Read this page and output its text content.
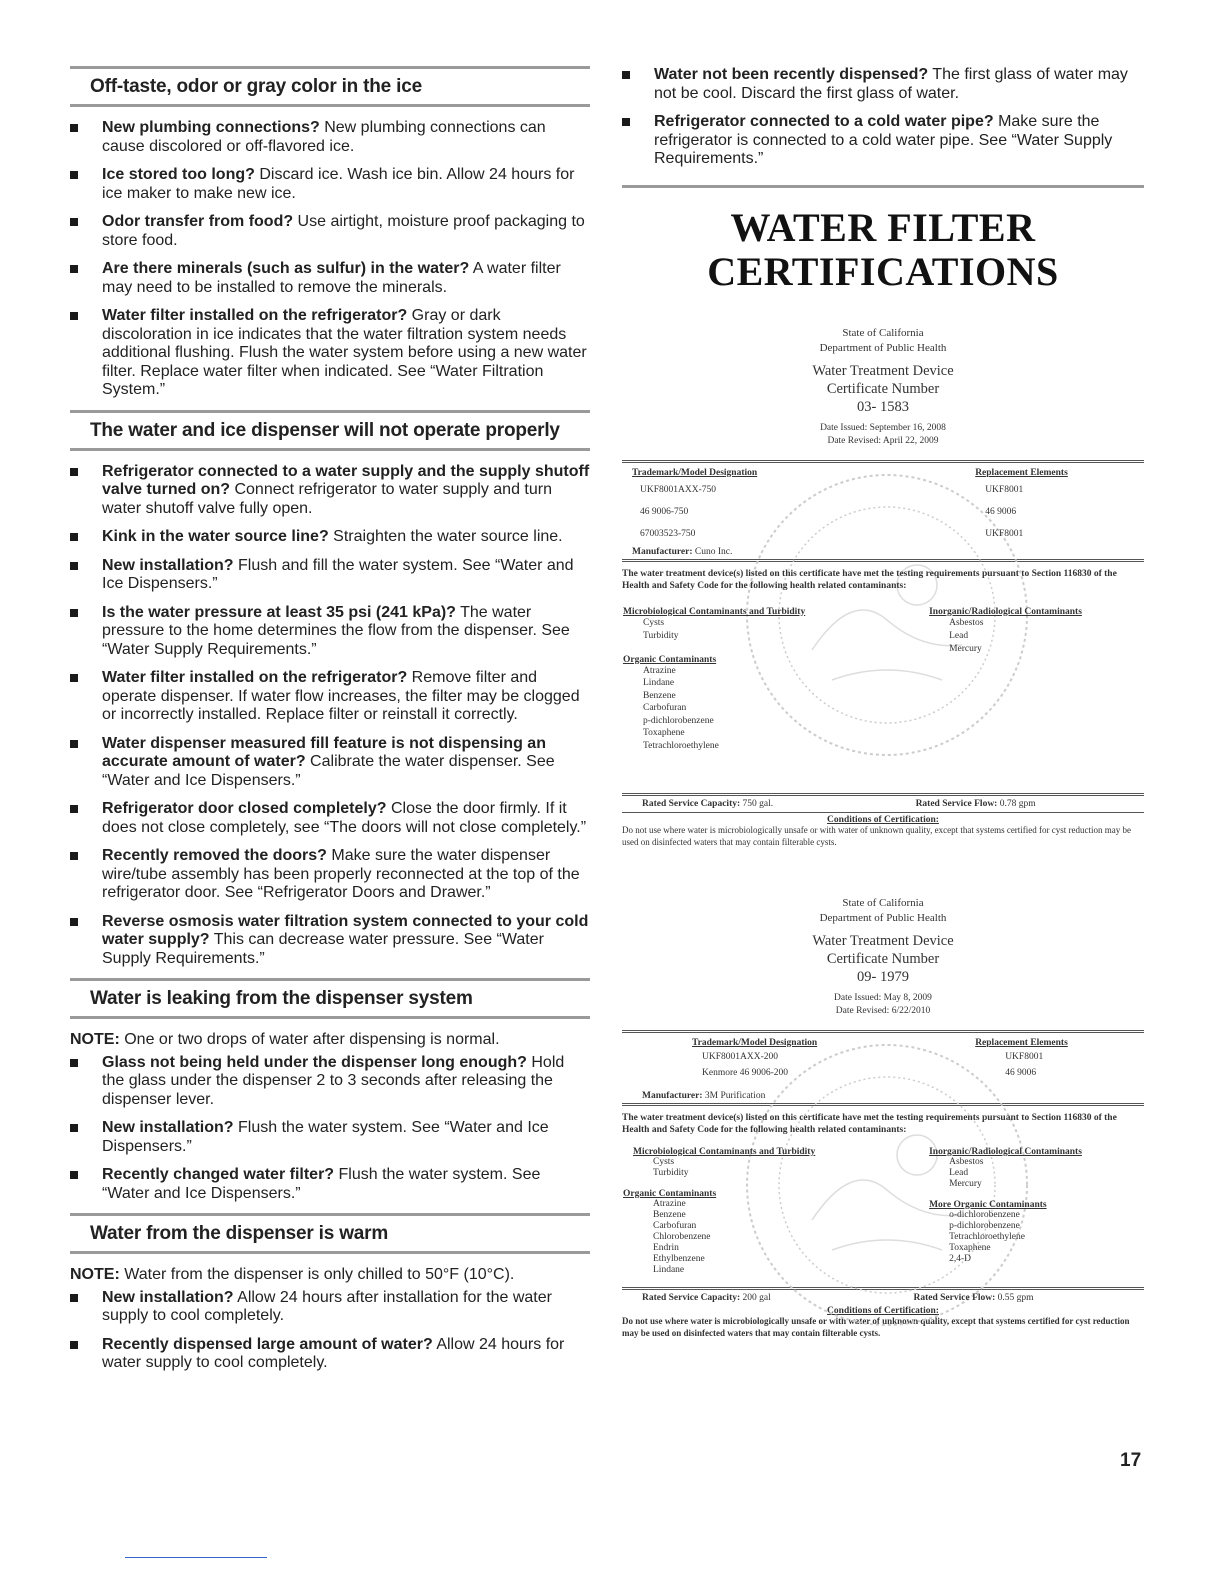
Off-taste, odor or gray color in the ice
New plumbing connections? New plumbing connections can cause discolored or off-flavored ice.
Ice stored too long? Discard ice. Wash ice bin. Allow 24 hours for ice maker to make new ice.
Odor transfer from food? Use airtight, moisture proof packaging to store food.
Are there minerals (such as sulfur) in the water? A water filter may need to be installed to remove the minerals.
Water filter installed on the refrigerator? Gray or dark discoloration in ice indicates that the water filtration system needs additional flushing. Flush the water system before using a new water filter. Replace water filter when indicated. See “Water Filtration System.”
The water and ice dispenser will not operate properly
Refrigerator connected to a water supply and the supply shutoff valve turned on? Connect refrigerator to water supply and turn water shutoff valve fully open.
Kink in the water source line? Straighten the water source line.
New installation? Flush and fill the water system. See “Water and Ice Dispensers.”
Is the water pressure at least 35 psi (241 kPa)? The water pressure to the home determines the flow from the dispenser. See “Water Supply Requirements.”
Water filter installed on the refrigerator? Remove filter and operate dispenser. If water flow increases, the filter may be clogged or incorrectly installed. Replace filter or reinstall it correctly.
Water dispenser measured fill feature is not dispensing an accurate amount of water? Calibrate the water dispenser. See “Water and Ice Dispensers.”
Refrigerator door closed completely? Close the door firmly. If it does not close completely, see “The doors will not close completely.”
Recently removed the doors? Make sure the water dispenser wire/tube assembly has been properly reconnected at the top of the refrigerator door. See “Refrigerator Doors and Drawer.”
Reverse osmosis water filtration system connected to your cold water supply? This can decrease water pressure. See “Water Supply Requirements.”
Water is leaking from the dispenser system

NOTE: One or two drops of water after dispensing is normal.

Glass not being held under the dispenser long enough? Hold the glass under the dispenser 2 to 3 seconds after releasing the dispenser lever.
New installation? Flush the water system. See “Water and Ice Dispensers.”
Recently changed water filter? Flush the water system. See “Water and Ice Dispensers.”
Water from the dispenser is warm

NOTE: Water from the dispenser is only chilled to 50°F (10°C).

New installation? Allow 24 hours after installation for the water supply to cool completely.
Recently dispensed large amount of water? Allow 24 hours for water supply to cool completely.
Water not been recently dispensed? The first glass of water may not be cool. Discard the first glass of water.
Refrigerator connected to a cold water pipe? Make sure the refrigerator is connected to a cold water pipe. See “Water Supply Requirements.”
WATER FILTER
CERTIFICATIONS
State of California
Department of Public Health
Water Treatment Device
Certificate Number
03- 1583
Date Issued: September 16, 2008
Date Revised: April 22, 2009
Trademark/Model Designation	Replacement Elements
UKF8001AXX-750	UKF8001
46 9006-750	46 9006
67003523-750	UKF8001
Manufacturer: Cuno Inc.
The water treatment device(s) listed on this certificate have met the testing requirements pursuant to Section 116830 of the Health and Safety Code for the following health related contaminants:
Microbiological Contaminants and Turbidity
Cysts
Turbidity
Organic Contaminants
Atrazine
Lindane
Benzene
Carbofuran
p-dichlorobenzene
Toxaphene
Tetrachloroethylene

Inorganic/Radiological Contaminants
Asbestos
Lead
Mercury
Rated Service Capacity: 750 gal.	Rated Service Flow: 0.78 gpm
Conditions of Certification:
Do not use where water is microbiologically unsafe or with water of unknown quality, except that systems certified for cyst reduction may be used on disinfected waters that may contain filterable cysts.
State of California
Department of Public Health
Water Treatment Device
Certificate Number
09- 1979
Date Issued: May 8, 2009
Date Revised: 6/22/2010
Trademark/Model Designation	Replacement Elements
UKF8001AXX-200	UKF8001
Kenmore 46 9006-200	46 9006
Manufacturer: 3M Purification
The water treatment device(s) listed on this certificate have met the testing requirements pursuant to Section 116830 of the Health and Safety Code for the following health related contaminants:
Microbiological Contaminants and Turbidity
Cysts
Turbidity
Organic Contaminants
Atrazine
Benzene
Carbofuran
Chlorobenzene
Endrin
Ethylbenzene
Lindane

Inorganic/Radiological Contaminants
Asbestos
Lead
Mercury
More Organic Contaminants
o-dichlorobenzene
p-dichlorobenzene
Tetrachloroethylene
Toxaphene
2,4-D
Rated Service Capacity: 200 gal	Rated Service Flow: 0.55 gpm
Conditions of Certification:
Do not use where water is microbiologically unsafe or with water of unknown quality, except that systems certified for cyst reduction may be used on disinfected waters that may contain filterable cysts.
17
